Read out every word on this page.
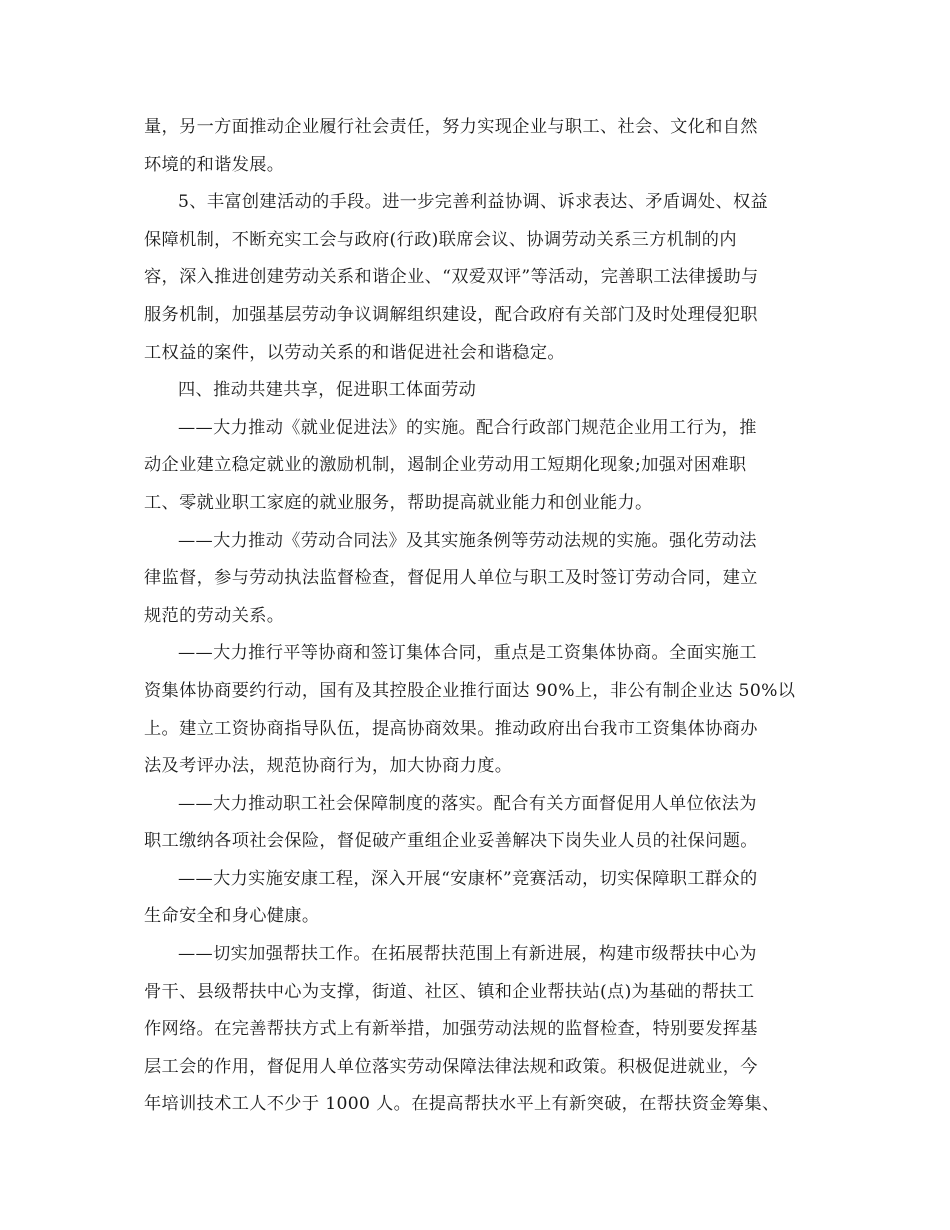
量，另一方面推动企业履行社会责任，努力实现企业与职工、社会、文化和自然
环境的和谐发展。

5、丰富创建活动的手段。进一步完善利益协调、诉求表达、矛盾调处、权益
保障机制，不断充实工会与政府(行政)联席会议、协调劳动关系三方机制的内
容，深入推进创建劳动关系和谐企业、“双爱双评”等活动，完善职工法律援助与
服务机制，加强基层劳动争议调解组织建设，配合政府有关部门及时处理侵犯职
工权益的案件，以劳动关系的和谐促进社会和谐稳定。

四、推动共建共享，促进职工体面劳动

——大力推动《就业促进法》的实施。配合行政部门规范企业用工行为，推
动企业建立稳定就业的激励机制，遏制企业劳动用工短期化现象;加强对困难职
工、零就业职工家庭的就业服务，帮助提高就业能力和创业能力。

——大力推动《劳动合同法》及其实施条例等劳动法规的实施。强化劳动法
律监督，参与劳动执法监督检查，督促用人单位与职工及时签订劳动合同，建立
规范的劳动关系。

——大力推行平等协商和签订集体合同，重点是工资集体协商。全面实施工
资集体协商要约行动，国有及其控股企业推行面达 90%上，非公有制企业达 50%以
上。建立工资协商指导队伍，提高协商效果。推动政府出台我市工资集体协商办
法及考评办法，规范协商行为，加大协商力度。

——大力推动职工社会保障制度的落实。配合有关方面督促用人单位依法为
职工缴纳各项社会保险，督促破产重组企业妥善解决下岗失业人员的社保问题。

——大力实施安康工程，深入开展“安康杯”竞赛活动，切实保障职工群众的
生命安全和身心健康。

——切实加强帮扶工作。在拓展帮扶范围上有新进展，构建市级帮扶中心为
骨干、县级帮扶中心为支撑，街道、社区、镇和企业帮扶站(点)为基础的帮扶工
作网络。在完善帮扶方式上有新举措，加强劳动法规的监督检查，特别要发挥基
层工会的作用，督促用人单位落实劳动保障法律法规和政策。积极促进就业，今
年培训技术工人不少于 1000 人。在提高帮扶水平上有新突破，在帮扶资金筹集、
